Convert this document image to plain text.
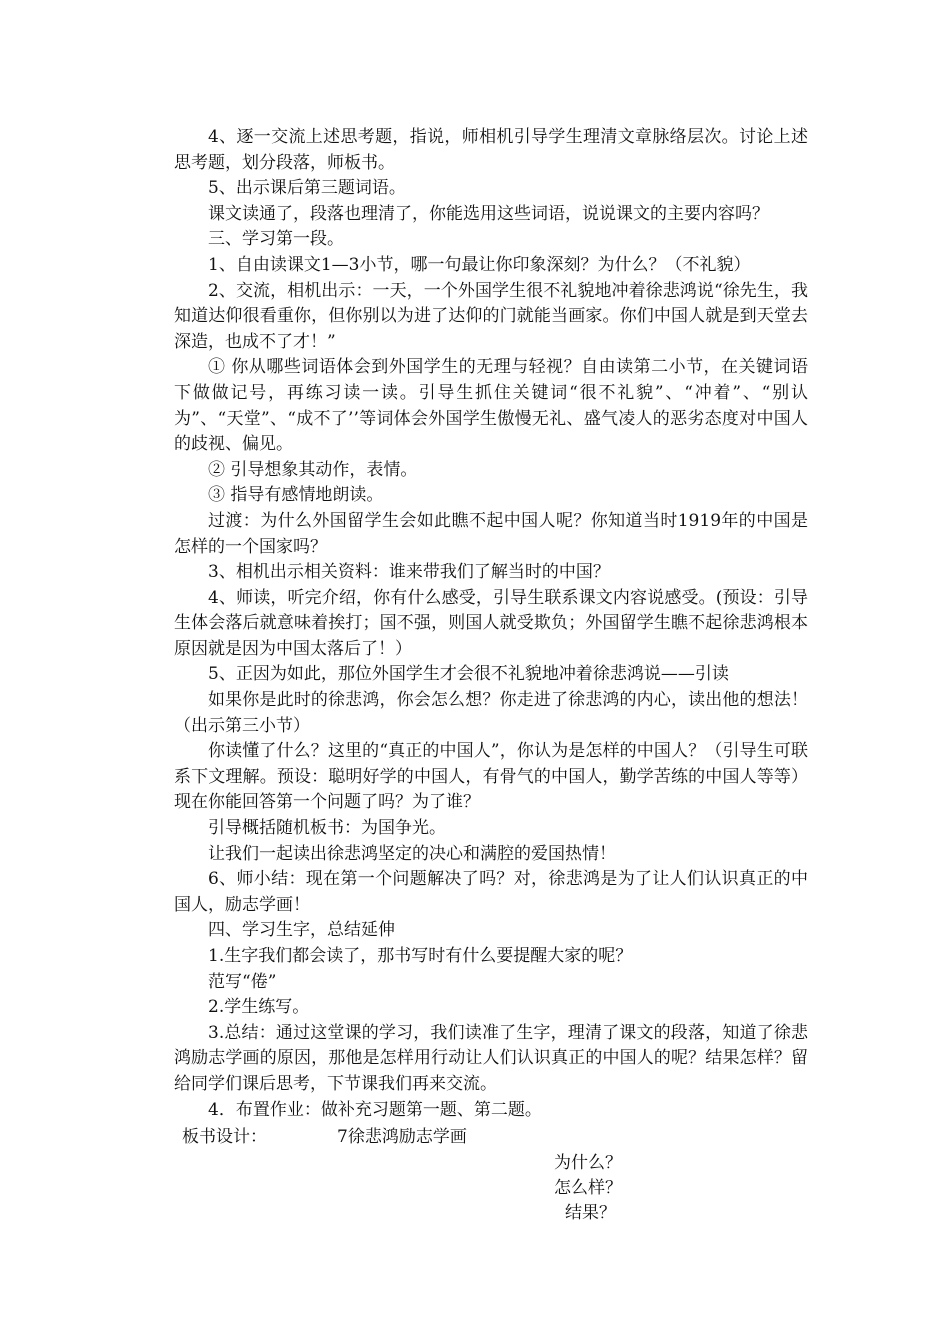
4、逐一交流上述思考题，指说，师相机引导学生理清文章脉络层次。讨论上述思考题，划分段落，师板书。

5、出示课后第三题词语。

课文读通了，段落也理清了，你能选用这些词语，说说课文的主要内容吗？

三、学习第一段。

1、自由读课文1—3小节，哪一句最让你印象深刻？为什么？（不礼貌）

2、交流，相机出示：一天，一个外国学生很不礼貌地冲着徐悲鸿说“徐先生，我知道达仰很看重你，但你别以为进了达仰的门就能当画家。你们中国人就是到天堂去深造，也成不了才！”

① 你从哪些词语体会到外国学生的无理与轻视？自由读第二小节，在关键词语下做做记号，再练习读一读。引导生抓住关键词“很不礼貌”、“冲着”、“别认为”、“天堂”、“成不了’’等词体会外国学生傲慢无礼、盛气凌人的恶劣态度对中国人的歧视、偏见。

② 引导想象其动作，表情。

③ 指导有感情地朗读。

过渡：为什么外国留学生会如此瞧不起中国人呢？你知道当时1919年的中国是怎样的一个国家吗？

3、相机出示相关资料：谁来带我们了解当时的中国？

4、师读，听完介绍，你有什么感受，引导生联系课文内容说感受。(预设：引导生体会落后就意味着挨打；国不强，则国人就受欺负；外国留学生瞧不起徐悲鸿根本原因就是因为中国太落后了！）

5、正因为如此，那位外国学生才会很不礼貌地冲着徐悲鸿说——引读

如果你是此时的徐悲鸿，你会怎么想？你走进了徐悲鸿的内心，读出他的想法！（出示第三小节）

你读懂了什么？这里的“真正的中国人”，你认为是怎样的中国人？（引导生可联系下文理解。预设：聪明好学的中国人，有骨气的中国人，勤学苦练的中国人等等）现在你能回答第一个问题了吗？为了谁？

引导概括随机板书：为国争光。

让我们一起读出徐悲鸿坚定的决心和满腔的爱国热情！

6、师小结：现在第一个问题解决了吗？对，徐悲鸿是为了让人们认识真正的中国人，励志学画！

四、学习生字，总结延伸

1.生字我们都会读了，那书写时有什么要提醒大家的呢？

范写“倦”

2.学生练写。

3.总结：通过这堂课的学习，我们读准了生字，理清了课文的段落，知道了徐悲鸿励志学画的原因，那他是怎样用行动让人们认识真正的中国人的呢？结果怎样？留给同学们课后思考，下节课我们再来交流。

4．布置作业：做补充习题第一题、第二题。

板书设计：	7徐悲鸿励志学画
为什么？
怎么样？
结果？
